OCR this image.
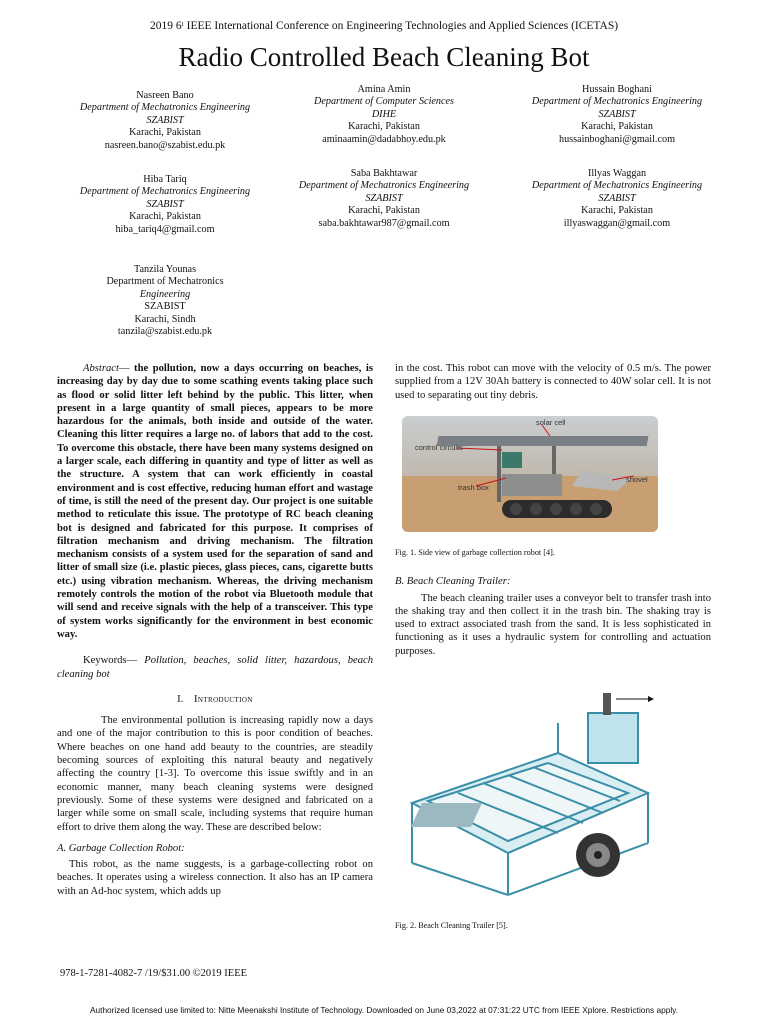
2019 6ᵗ IEEE International Conference on Engineering Technologies and Applied Sciences (ICETAS)
Radio Controlled Beach Cleaning Bot
Nasreen Bano
Department of Mechatronics Engineering
SZABIST
Karachi, Pakistan
nasreen.bano@szabist.edu.pk
Amina Amin
Department of Computer Sciences
DIHE
Karachi, Pakistan
aminaamin@dadabhoy.edu.pk
Hussain Boghani
Department of Mechatronics Engineering
SZABIST
Karachi, Pakistan
hussainboghani@gmail.com
Hiba Tariq
Department of Mechatronics Engineering
SZABIST
Karachi, Pakistan
hiba_tariq4@gmail.com
Saba Bakhtawar
Department of Mechatronics Engineering
SZABIST
Karachi, Pakistan
saba.bakhtawar987@gmail.com
Illyas Waggan
Department of Mechatronics Engineering
SZABIST
Karachi, Pakistan
illyaswaggan@gmail.com
Tanzila Younas
Department of Mechatronics
Engineering
SZABIST
Karachi, Sindh
tanzila@szabist.edu.pk

Abstract— the pollution, now a days occurring on beaches, is increasing day by day due to some scathing events taking place such as flood or solid litter left behind by the public. This litter, when present in a large quantity of small pieces, appears to be more hazardous for the animals, both inside and outside of the water. Cleaning this litter requires a large no. of labors that add to the cost. To overcome this obstacle, there have been many systems designed on a larger scale, each differing in quantity and type of litter as well as the structure. A system that can work efficiently in coastal environment and is cost effective, reducing human effort and wastage of time, is still the need of the present day. Our project is one suitable method to reticulate this issue. The prototype of RC beach cleaning bot is designed and fabricated for this purpose. It comprises of filtration mechanism and driving mechanism. The filtration mechanism consists of a system used for the separation of sand and litter of small size (i.e. plastic pieces, glass pieces, cans, cigarette butts etc.) using vibration mechanism. Whereas, the driving mechanism remotely controls the motion of the robot via Bluetooth module that will send and receive signals with the help of a transceiver. This type of system works significantly for the environment in best economic way.

Keywords— Pollution, beaches, solid litter, hazardous, beach cleaning bot

I. Introduction

The environmental pollution is increasing rapidly now a days and one of the major contribution to this is poor condition of beaches. Where beaches on one hand add beauty to the countries, are steadily becoming sources of exploiting this natural beauty and negatively affecting the country [1-3]. To overcome this issue swiftly and in an economic manner, many beach cleaning systems were designed previously. Some of these systems were designed and fabricated on a larger while some on small scale, including systems that require human effort to drive them along the way. These are described below:

A. Garbage Collection Robot:

This robot, as the name suggests, is a garbage-collecting robot on beaches. It operates using a wireless connection. It also has an IP camera with an Ad-hoc system, which adds up

in the cost. This robot can move with the velocity of 0.5 m/s. The power supplied from a 12V 30Ah battery is connected to 40W solar cell. It is not used to separating out tiny debris.

solar cell
control circuits
trash box
shovel
Fig. 1. Side view of garbage collection robot [4].
B. Beach Cleaning Trailer:

The beach cleaning trailer uses a conveyor belt to transfer trash into the shaking tray and then collect it in the trash bin. The shaking tray is used to extract associated trash from the sand. It is less sophisticated in functioning as it uses a hydraulic system for controlling and actuation purposes.

Fig. 2. Beach Cleaning Trailer [5].
978-1-7281-4082-7 /19/$31.00 ©2019 IEEE
Authorized licensed use limited to: Nitte Meenakshi Institute of Technology. Downloaded on June 03,2022 at 07:31:22 UTC from IEEE Xplore. Restrictions apply.
